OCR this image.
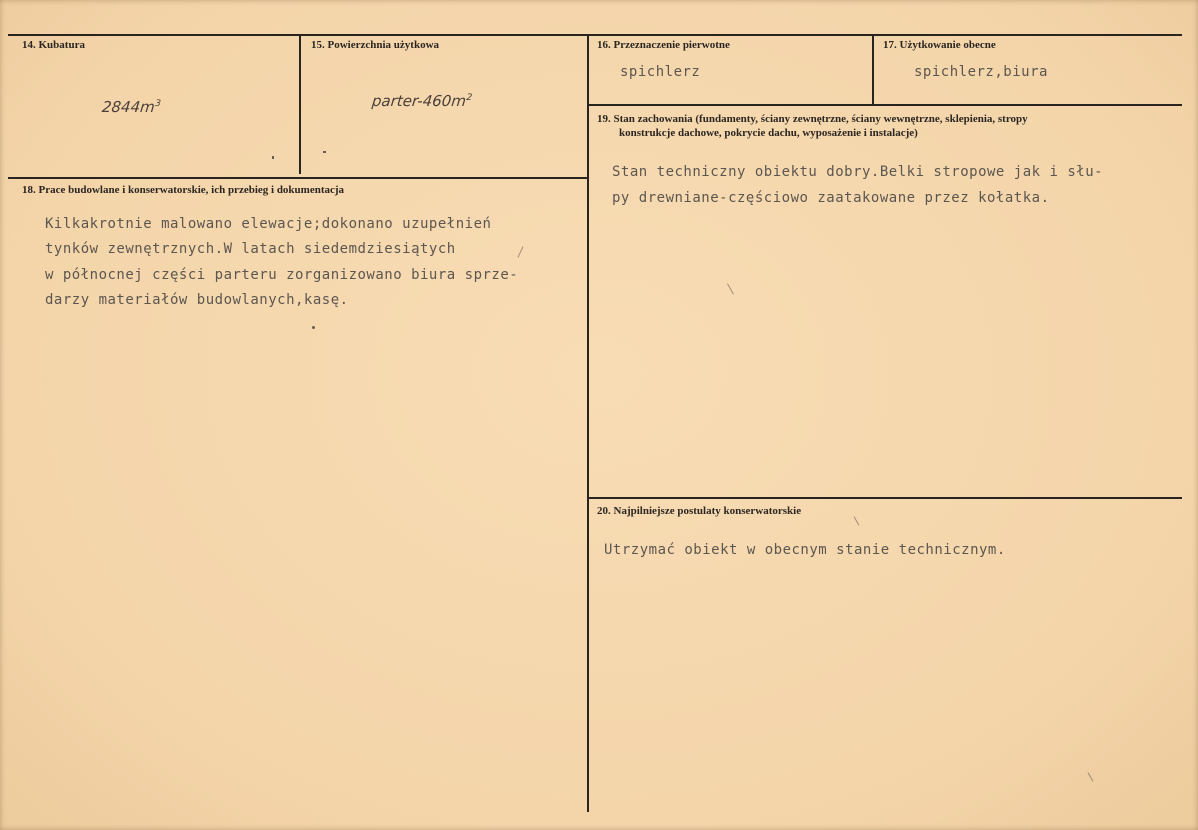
14. Kubatura
$2844m^3$
15. Powierzchnia użytkowa
parter-$460m^2$
16. Przeznaczenie pierwotne
spichlerz
17. Użytkowanie obecne
spichlerz,biura
19. Stan zachowania (fundamenty, ściany zewnętrzne, ściany wewnętrzne, sklepienia, stropy
konstrukcje dachowe, pokrycie dachu, wyposażenie i instalacje)
Stan techniczny obiektu dobry.Belki stropowe jak i słu-
py drewniane-częściowo zaatakowane przez kołatka.
18. Prace budowlane i konserwatorskie, ich przebieg i dokumentacja
Kilkakrotnie malowano elewacje;dokonano uzupełnień
tynków zewnętrznych.W latach siedemdziesiątych
w północnej części parteru zorganizowano biura sprze-
darzy materiałów budowlanych,kasę.
20. Najpilniejsze postulaty konserwatorskie
Utrzymać obiekt w obecnym stanie technicznym.
